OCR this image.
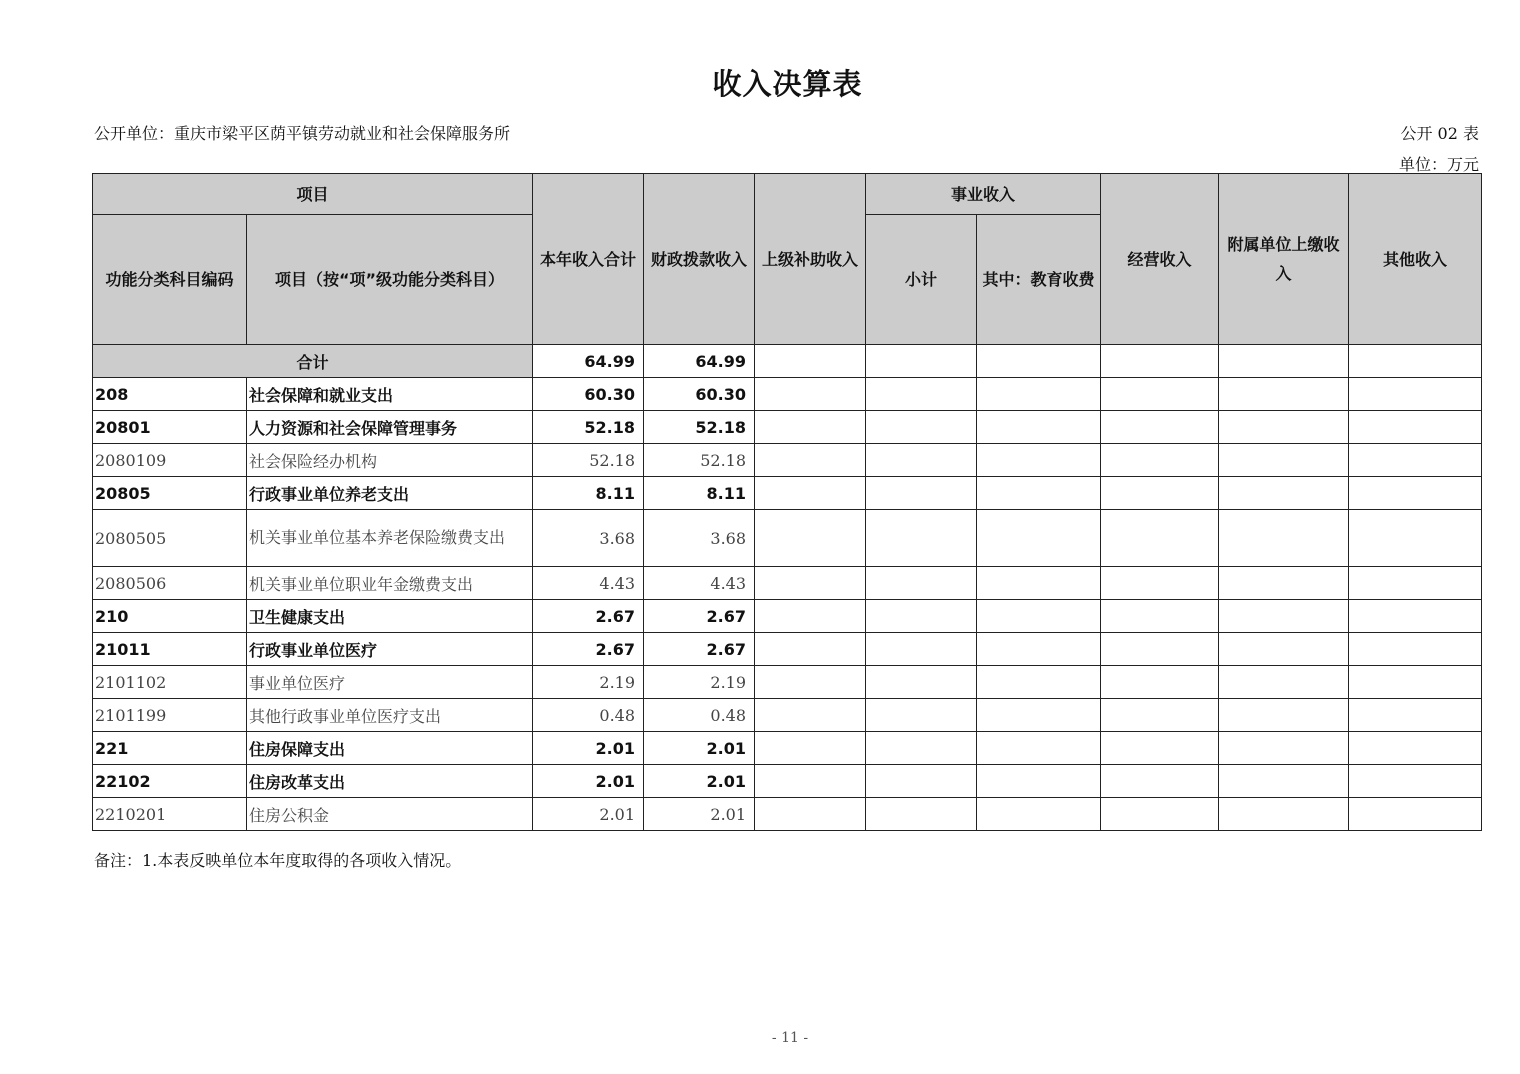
收入决算表
公开单位：重庆市梁平区荫平镇劳动就业和社会保障服务所	公开 02 表
单位：万元
项目		本年收入合计	财政拨款收入	上级补助收入	事业收入		经营收入	附属单位上缴收入	其他收入
功能分类科目编码	项目（按“项”级功能分类科目）				小计	其中：教育收费			
合计		64.99	64.99						
208	社会保障和就业支出	60.30	60.30						
20801	人力资源和社会保障管理事务	52.18	52.18						
2080109	社会保险经办机构	52.18	52.18						
20805	行政事业单位养老支出	8.11	8.11						
2080505	机关事业单位基本养老保险缴费支出	3.68	3.68						
2080506	机关事业单位职业年金缴费支出	4.43	4.43						
210	卫生健康支出	2.67	2.67						
21011	行政事业单位医疗	2.67	2.67						
2101102	事业单位医疗	2.19	2.19						
2101199	其他行政事业单位医疗支出	0.48	0.48						
221	住房保障支出	2.01	2.01						
22102	住房改革支出	2.01	2.01						
2210201	住房公积金	2.01	2.01						
备注：1.本表反映单位本年度取得的各项收入情况。
- 11 -
